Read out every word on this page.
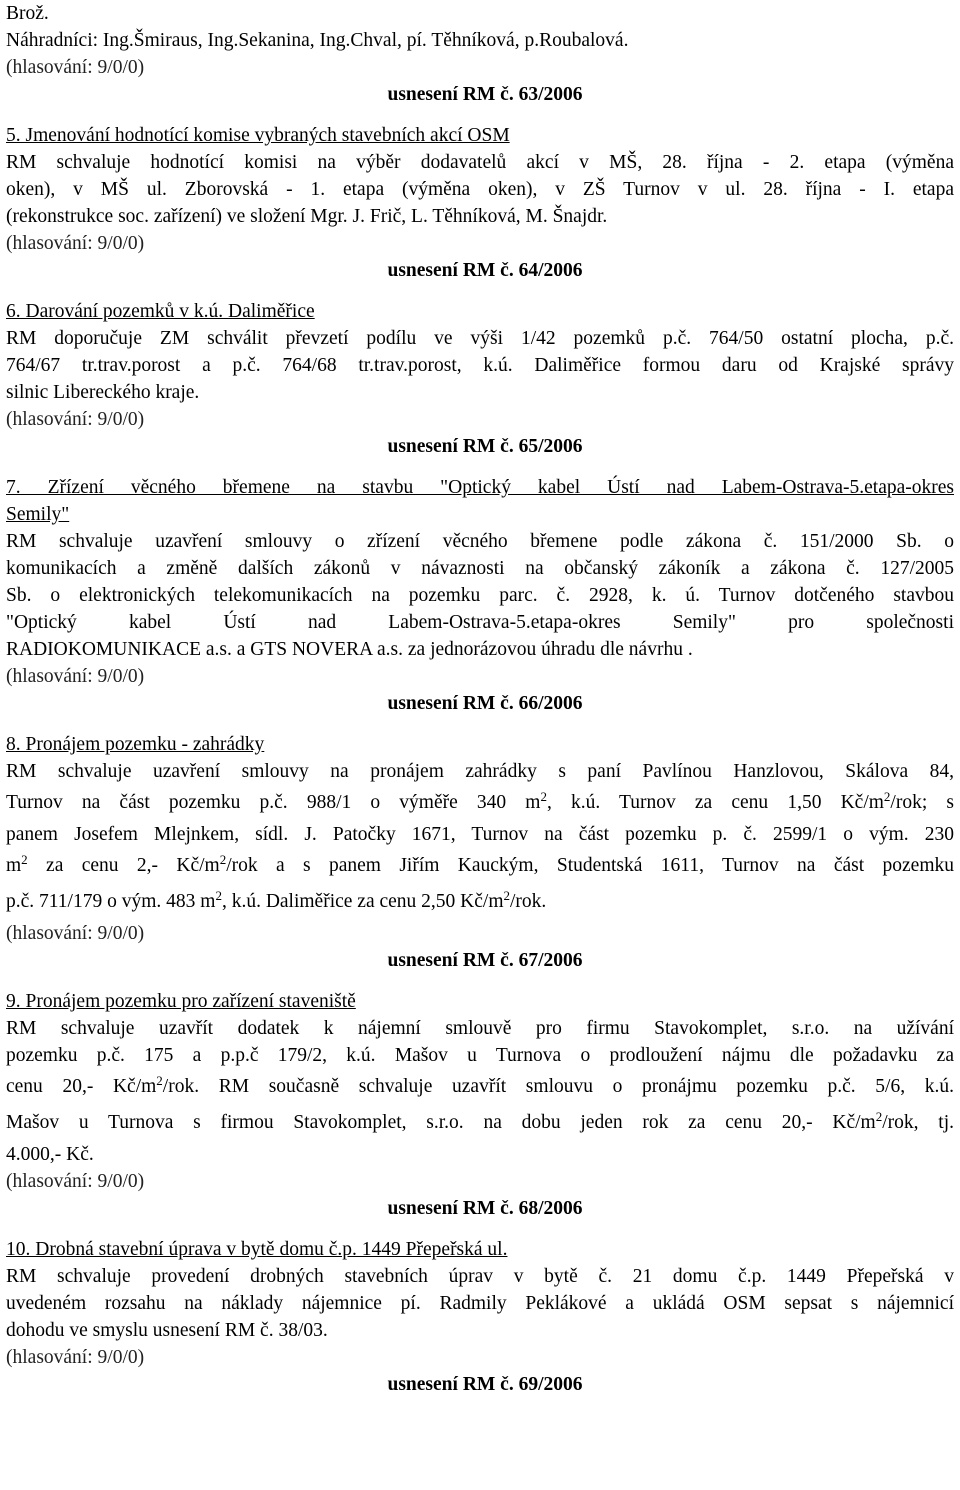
Brož.
Náhradníci: Ing.Šmiraus, Ing.Sekanina, Ing.Chval, pí. Těhníková, p.Roubalová.
(hlasování: 9/0/0)
usnesení RM č. 63/2006
5. Jmenování hodnotící komise vybraných stavebních akcí OSM
RM schvaluje hodnotící komisi na výběr dodavatelů akcí v MŠ, 28. října - 2. etapa (výměna
oken), v MŠ ul. Zborovská - 1. etapa (výměna oken), v ZŠ Turnov v ul. 28. října - I. etapa
(rekonstrukce soc. zařízení) ve složení Mgr. J. Frič, L. Těhníková, M. Šnajdr.
(hlasování: 9/0/0)
usnesení RM č. 64/2006
6. Darování pozemků v k.ú. Daliměřice
RM doporučuje ZM schválit převzetí podílu ve výši 1/42 pozemků p.č. 764/50 ostatní plocha, p.č.
764/67 tr.trav.porost a p.č. 764/68 tr.trav.porost, k.ú. Daliměřice formou daru od Krajské správy
silnic Libereckého kraje.
(hlasování: 9/0/0)
usnesení RM č. 65/2006
7. Zřízení věcného břemene na stavbu "Optický kabel Ústí nad Labem-Ostrava-5.etapa-okres
Semily"
RM schvaluje uzavření smlouvy o zřízení věcného břemene podle zákona č. 151/2000 Sb. o
komunikacích a změně dalších zákonů v návaznosti na občanský zákoník a zákona č. 127/2005
Sb. o elektronických telekomunikacích na pozemku parc. č. 2928, k. ú. Turnov dotčeného stavbou
"Optický kabel Ústí nad Labem-Ostrava-5.etapa-okres Semily" pro společnosti
RADIOKOMUNIKACE a.s. a GTS NOVERA a.s. za jednorázovou úhradu dle návrhu .
(hlasování: 9/0/0)
usnesení RM č. 66/2006
8. Pronájem pozemku - zahrádky
RM schvaluje uzavření smlouvy na pronájem zahrádky s paní Pavlínou Hanzlovou, Skálova 84,
Turnov na část pozemku p.č. 988/1 o výměře 340 $m^2$, k.ú. Turnov za cenu 1,50 $Kč/m^2$/rok; s
panem Josefem Mlejnkem, sídl. J. Patočky 1671, Turnov na část pozemku p. č. 2599/1 o vým. 230
$m^2$ za cenu 2,- $Kč/m^2$/rok a s panem Jiřím Kauckým, Studentská 1611, Turnov na část pozemku
p.č. 711/179 o vým. 483 $m^2$, k.ú. Daliměřice za cenu 2,50 $Kč/m^2$/rok.
(hlasování: 9/0/0)
usnesení RM č. 67/2006
9. Pronájem pozemku pro zařízení staveniště
RM schvaluje uzavřít dodatek k nájemní smlouvě pro firmu Stavokomplet, s.r.o. na užívání
pozemku p.č. 175 a p.p.č 179/2, k.ú. Mašov u Turnova o prodloužení nájmu dle požadavku za
cenu 20,- $Kč/m^2$/rok. RM současně schvaluje uzavřít smlouvu o pronájmu pozemku p.č. 5/6, k.ú.
Mašov u Turnova s firmou Stavokomplet, s.r.o. na dobu jeden rok za cenu 20,- $Kč/m^2$/rok, tj.
4.000,- Kč.
(hlasování: 9/0/0)
usnesení RM č. 68/2006
10. Drobná stavební úprava v bytě domu č.p. 1449 Přepeřská ul.
RM schvaluje provedení drobných stavebních úprav v bytě č. 21 domu č.p. 1449 Přepeřská v
uvedeném rozsahu na náklady nájemnice pí. Radmily Peklákové a ukládá OSM sepsat s nájemnicí
dohodu ve smyslu usnesení RM č. 38/03.
(hlasování: 9/0/0)
usnesení RM č. 69/2006
